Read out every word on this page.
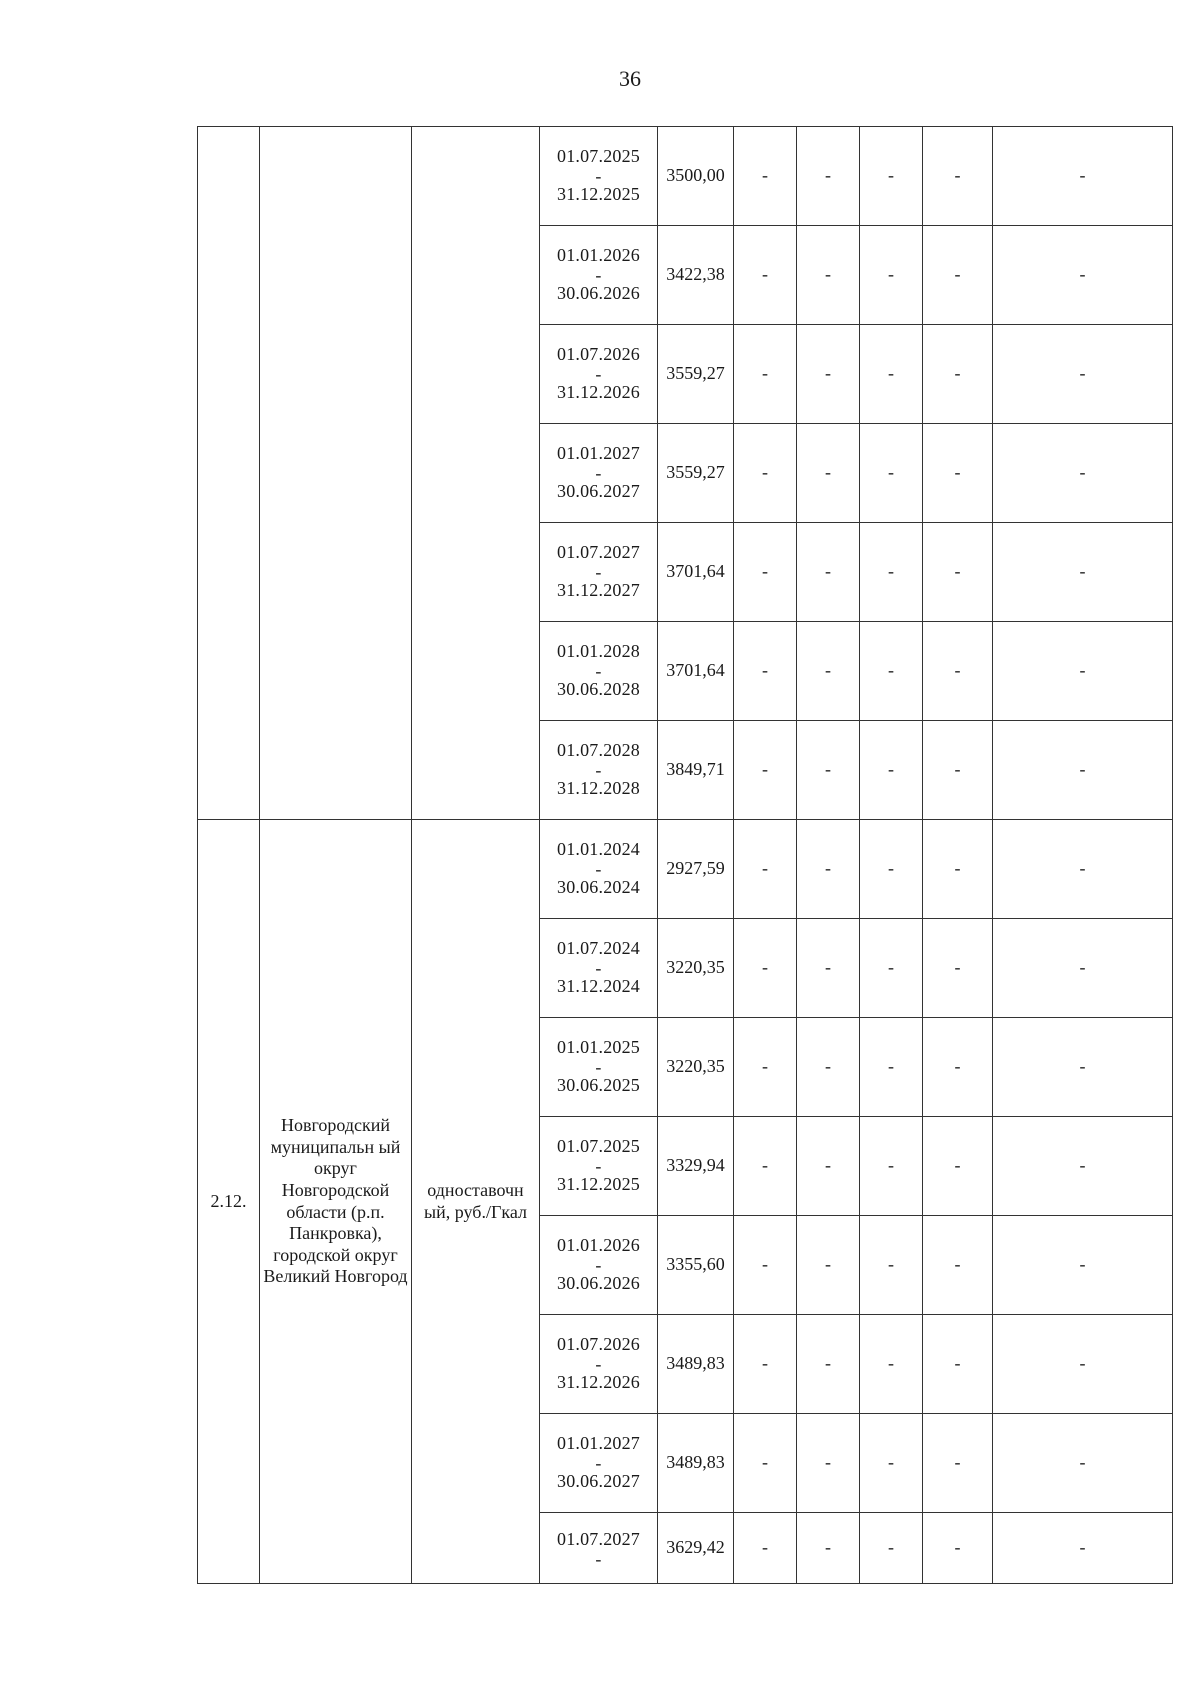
36
			01.07.2025
-
31.12.2025	3500,00	-	-	-	-	-
			01.01.2026
-
30.06.2026	3422,38	-	-	-	-	-
			01.07.2026
-
31.12.2026	3559,27	-	-	-	-	-
			01.01.2027
-
30.06.2027	3559,27	-	-	-	-	-
			01.07.2027
-
31.12.2027	3701,64	-	-	-	-	-
			01.01.2028
-
30.06.2028	3701,64	-	-	-	-	-
			01.07.2028
-
31.12.2028	3849,71	-	-	-	-	-
2.12.	Новгородский муниципальн ый округ Новгородской области (р.п. Панкровка), городской округ Великий Новгород	одноставочн ый, руб./Гкал	01.01.2024
-
30.06.2024	2927,59	-	-	-	-	-
			01.07.2024
-
31.12.2024	3220,35	-	-	-	-	-
			01.01.2025
-
30.06.2025	3220,35	-	-	-	-	-
			01.07.2025
-
31.12.2025	3329,94	-	-	-	-	-
			01.01.2026
-
30.06.2026	3355,60	-	-	-	-	-
			01.07.2026
-
31.12.2026	3489,83	-	-	-	-	-
			01.01.2027
-
30.06.2027	3489,83	-	-	-	-	-
			01.07.2027
-	3629,42	-	-	-	-	-
